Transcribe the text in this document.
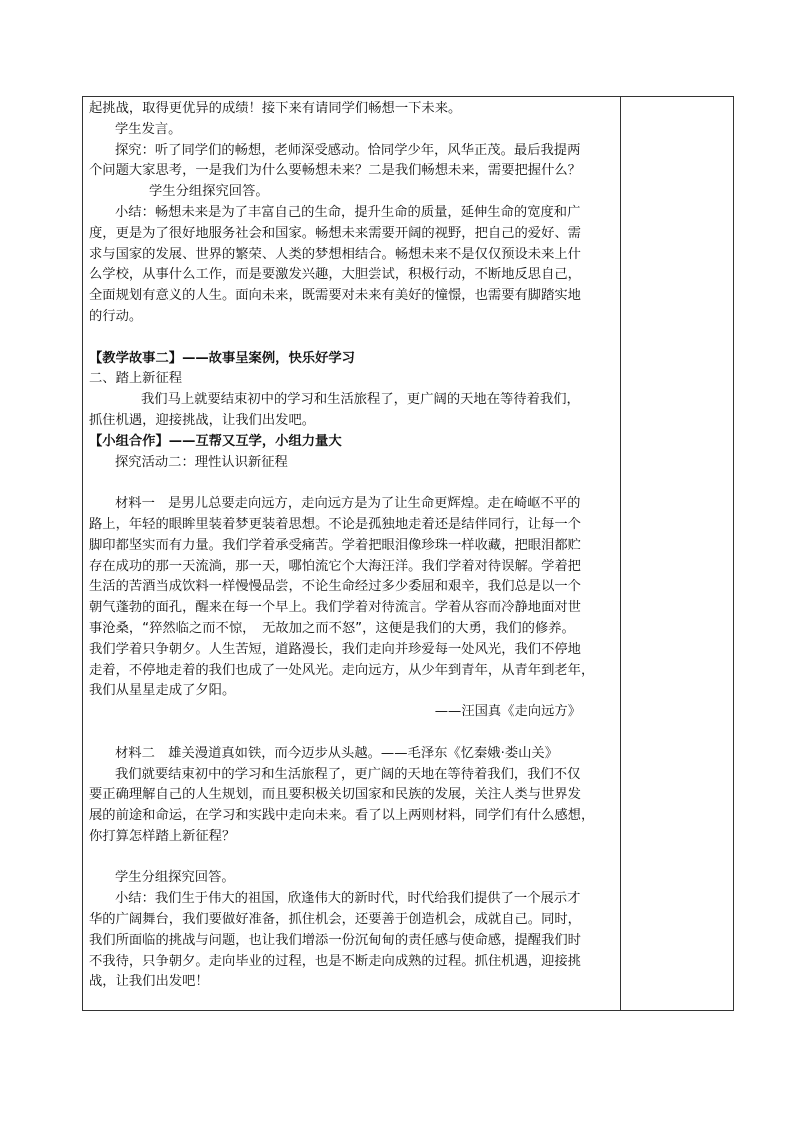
起挑战，取得更优异的成绩！接下来有请同学们畅想一下未来。

学生发言。

探究：听了同学们的畅想，老师深受感动。恰同学少年，风华正茂。最后我提两

个问题大家思考，一是我们为什么要畅想未来？二是我们畅想未来，需要把握什么？

学生分组探究回答。

小结：畅想未来是为了丰富自己的生命，提升生命的质量，延伸生命的宽度和广

度，更是为了很好地服务社会和国家。畅想未来需要开阔的视野，把自己的爱好、需

求与国家的发展、世界的繁荣、人类的梦想相结合。畅想未来不是仅仅预设未来上什

么学校，从事什么工作，而是要激发兴趣，大胆尝试，积极行动，不断地反思自己，

全面规划有意义的人生。面向未来，既需要对未来有美好的憧憬，也需要有脚踏实地

的行动。

【教学故事二】——故事呈案例，快乐好学习

二、踏上新征程

我们马上就要结束初中的学习和生活旅程了，更广阔的天地在等待着我们，

抓住机遇，迎接挑战，让我们出发吧。

【小组合作】——互帮又互学，小组力量大

探究活动二：理性认识新征程

材料一　是男儿总要走向远方，走向远方是为了让生命更辉煌。走在崎岖不平的

路上，年轻的眼眸里装着梦更装着思想。不论是孤独地走着还是结伴同行，让每一个

脚印都坚实而有力量。我们学着承受痛苦。学着把眼泪像珍珠一样收藏，把眼泪都贮

存在成功的那一天流淌，那一天，哪怕流它个大海汪洋。我们学着对待误解。学着把

生活的苦酒当成饮料一样慢慢品尝，不论生命经过多少委屈和艰辛，我们总是以一个

朝气蓬勃的面孔，醒来在每一个早上。我们学着对待流言。学着从容而冷静地面对世

事沧桑，“猝然临之而不惊，　无故加之而不怒”，这便是我们的大勇，我们的修养。

我们学着只争朝夕。人生苦短，道路漫长，我们走向并珍爱每一处风光，我们不停地

走着，不停地走着的我们也成了一处风光。走向远方，从少年到青年，从青年到老年，

我们从星星走成了夕阳。

——汪国真《走向远方》

材料二　雄关漫道真如铁，而今迈步从头越。——毛泽东《忆秦娥·娄山关》

我们就要结束初中的学习和生活旅程了，更广阔的天地在等待着我们，我们不仅

要正确理解自己的人生规划，而且要积极关切国家和民族的发展，关注人类与世界发

展的前途和命运，在学习和实践中走向未来。看了以上两则材料，同学们有什么感想，

你打算怎样踏上新征程？

学生分组探究回答。

小结：我们生于伟大的祖国，欣逢伟大的新时代，时代给我们提供了一个展示才

华的广阔舞台，我们要做好准备，抓住机会，还要善于创造机会，成就自己。同时，

我们所面临的挑战与问题，也让我们增添一份沉甸甸的责任感与使命感，提醒我们时

不我待，只争朝夕。走向毕业的过程，也是不断走向成熟的过程。抓住机遇，迎接挑

战，让我们出发吧！
